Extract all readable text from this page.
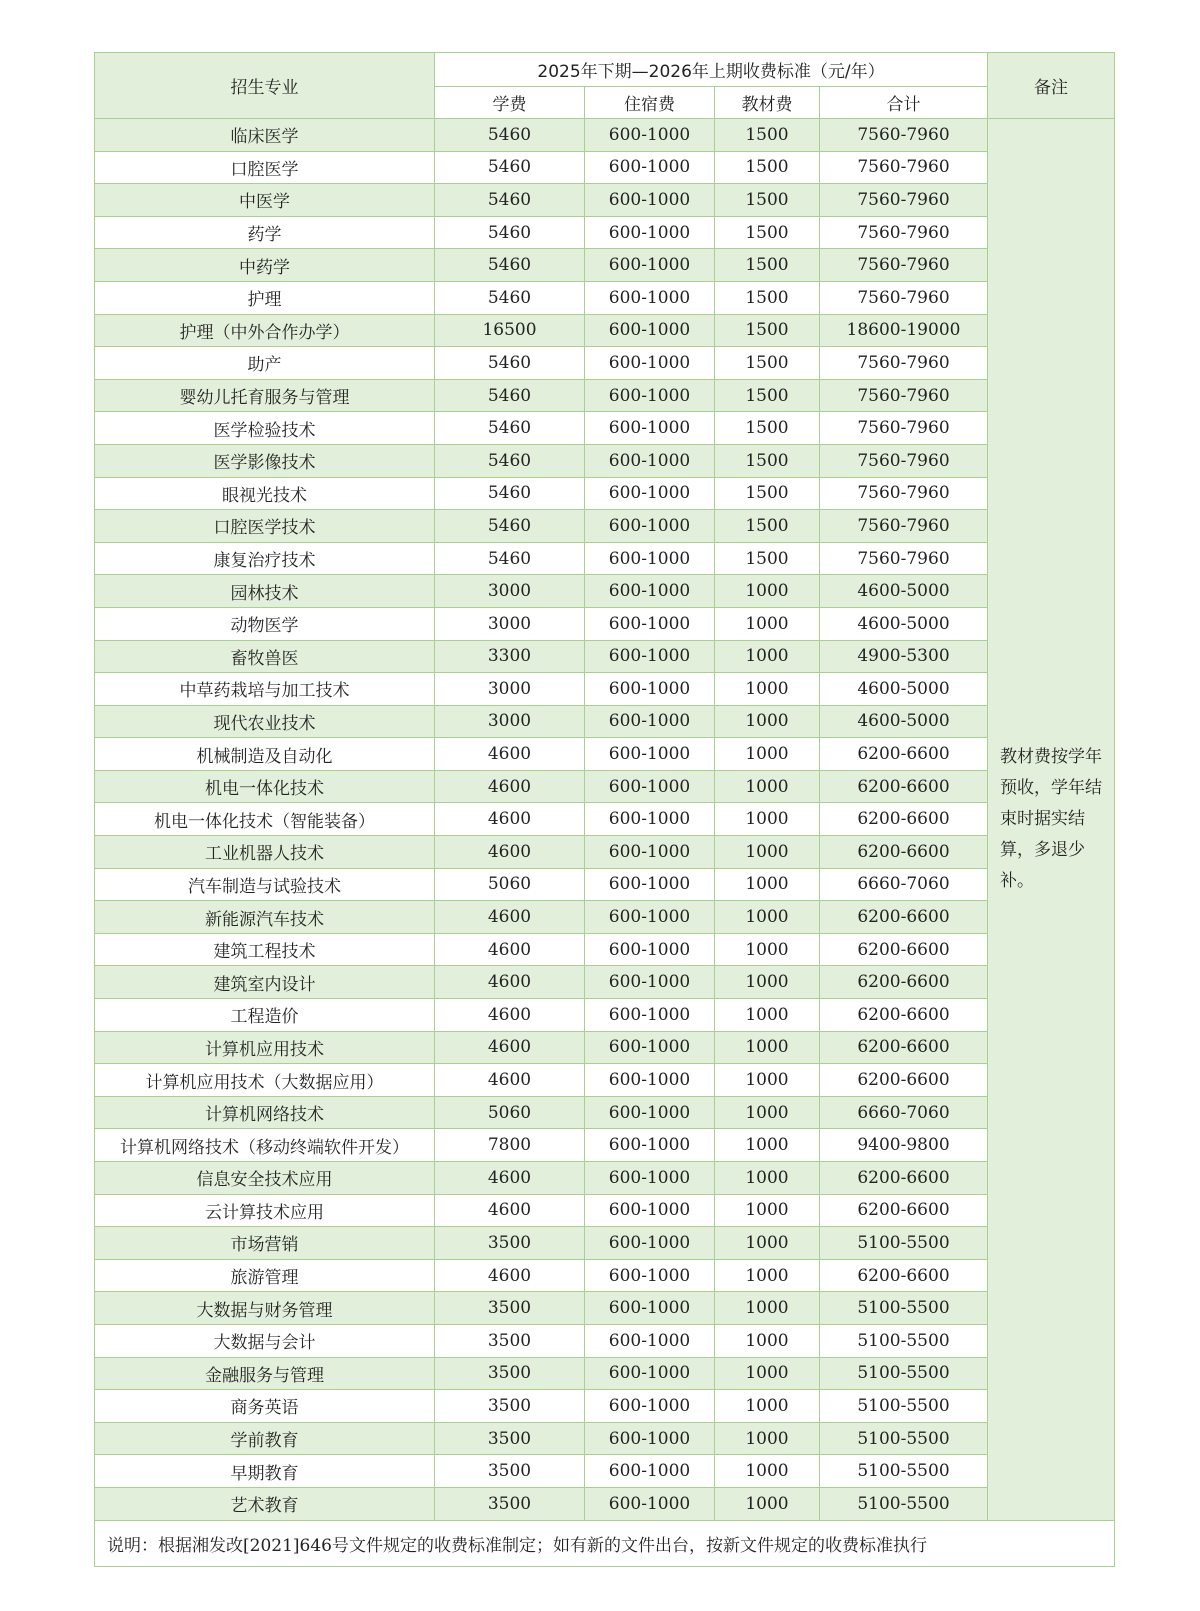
招生专业	2025年下期—2026年上期收费标准（元/年）				备注
	学费	住宿费	教材费	合计	
临床医学	5460	600-1000	1500	7560-7960	教材费按学年预收，学年结束时据实结算，多退少补。
口腔医学	5460	600-1000	1500	7560-7960	
中医学	5460	600-1000	1500	7560-7960	
药学	5460	600-1000	1500	7560-7960	
中药学	5460	600-1000	1500	7560-7960	
护理	5460	600-1000	1500	7560-7960	
护理（中外合作办学）	16500	600-1000	1500	18600-19000	
助产	5460	600-1000	1500	7560-7960	
婴幼儿托育服务与管理	5460	600-1000	1500	7560-7960	
医学检验技术	5460	600-1000	1500	7560-7960	
医学影像技术	5460	600-1000	1500	7560-7960	
眼视光技术	5460	600-1000	1500	7560-7960	
口腔医学技术	5460	600-1000	1500	7560-7960	
康复治疗技术	5460	600-1000	1500	7560-7960	
园林技术	3000	600-1000	1000	4600-5000	
动物医学	3000	600-1000	1000	4600-5000	
畜牧兽医	3300	600-1000	1000	4900-5300	
中草药栽培与加工技术	3000	600-1000	1000	4600-5000	
现代农业技术	3000	600-1000	1000	4600-5000	
机械制造及自动化	4600	600-1000	1000	6200-6600	
机电一体化技术	4600	600-1000	1000	6200-6600	
机电一体化技术（智能装备）	4600	600-1000	1000	6200-6600	
工业机器人技术	4600	600-1000	1000	6200-6600	
汽车制造与试验技术	5060	600-1000	1000	6660-7060	
新能源汽车技术	4600	600-1000	1000	6200-6600	
建筑工程技术	4600	600-1000	1000	6200-6600	
建筑室内设计	4600	600-1000	1000	6200-6600	
工程造价	4600	600-1000	1000	6200-6600	
计算机应用技术	4600	600-1000	1000	6200-6600	
计算机应用技术（大数据应用）	4600	600-1000	1000	6200-6600	
计算机网络技术	5060	600-1000	1000	6660-7060	
计算机网络技术（移动终端软件开发）	7800	600-1000	1000	9400-9800	
信息安全技术应用	4600	600-1000	1000	6200-6600	
云计算技术应用	4600	600-1000	1000	6200-6600	
市场营销	3500	600-1000	1000	5100-5500	
旅游管理	4600	600-1000	1000	6200-6600	
大数据与财务管理	3500	600-1000	1000	5100-5500	
大数据与会计	3500	600-1000	1000	5100-5500	
金融服务与管理	3500	600-1000	1000	5100-5500	
商务英语	3500	600-1000	1000	5100-5500	
学前教育	3500	600-1000	1000	5100-5500	
早期教育	3500	600-1000	1000	5100-5500	
艺术教育	3500	600-1000	1000	5100-5500	
说明：根据湘发改[2021]646号文件规定的收费标准制定；如有新的文件出台，按新文件规定的收费标准执行					
